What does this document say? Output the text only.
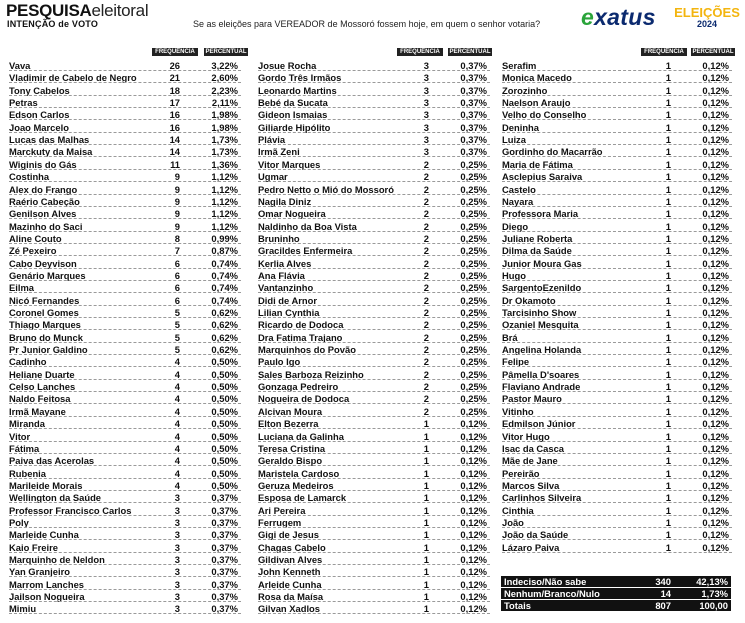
PESQUISAeleitoral
INTENÇÃO de VOTO	Se as eleições para VEREADOR de Mossoró fossem hoje, em quem o senhor votaria? exatus ELEIÇÕES
2024
FREQUÊNCIA	PERCENTUAL
Vava	26	3,22%
Vladimir de Cabelo de Negro	21	2,60%
Tony Cabelos	18	2,23%
Petras	17	2,11%
Edson Carlos	16	1,98%
Joao Marcelo	16	1,98%
Lucas das Malhas	14	1,73%
Marckuty da Maisa	14	1,73%
Wiginis do Gás	11	1,36%
Costinha	9	1,12%
Alex do Frango	9	1,12%
Raério Cabeção	9	1,12%
Genilson Alves	9	1,12%
Mazinho do Saci	9	1,12%
Aline Couto	8	0,99%
Zé Pexeiro	7	0,87%
Cabo Deyvison	6	0,74%
Genário Marques	6	0,74%
Eilma	6	0,74%
Nicó Fernandes	6	0,74%
Coronel Gomes	5	0,62%
Thiago Marques	5	0,62%
Bruno do Munck	5	0,62%
Pr Junior Galdino	5	0,62%
Cadinho	4	0,50%
Heliane Duarte	4	0,50%
Celso Lanches	4	0,50%
Naldo Feitosa	4	0,50%
Irmã Mayane	4	0,50%
Miranda	4	0,50%
Vitor	4	0,50%
Fátima	4	0,50%
Paiva das Acerolas	4	0,50%
Rubenia	4	0,50%
Marileide Morais	4	0,50%
Wellington da Saúde	3	0,37%
Professor Francisco Carlos	3	0,37%
Poly	3	0,37%
Marleide Cunha	3	0,37%
Kaio Freire	3	0,37%
Marquinho de Neldon	3	0,37%
Yan Granjeiro	3	0,37%
Marrom Lanches	3	0,37%
Jailson Nogueira	3	0,37%
Mimiu	3	0,37%
FREQUÊNCIA	PERCENTUAL
Josue Rocha	3	0,37%
Gordo Três Irmãos	3	0,37%
Leonardo Martins	3	0,37%
Bebé da Sucata	3	0,37%
Gideon Ismaias	3	0,37%
Giliarde Hipólito	3	0,37%
Plávia	3	0,37%
Irmã Zeni	3	0,37%
Vitor Marques	2	0,25%
Ugmar	2	0,25%
Pedro Netto o Mió do Mossoró	2	0,25%
Nagila Diniz	2	0,25%
Omar Nogueira	2	0,25%
Naldinho da Boa Vista	2	0,25%
Bruninho	2	0,25%
Gracildes Enfermeira	2	0,25%
Kerlia Alves	2	0,25%
Ana Flávia	2	0,25%
Vantanzinho	2	0,25%
Didi de Arnor	2	0,25%
Lilian Cynthia	2	0,25%
Ricardo de Dodoca	2	0,25%
Dra Fatima Trajano	2	0,25%
Marquinhos do Povão	2	0,25%
Paulo Igo	2	0,25%
Sales Barboza Reizinho	2	0,25%
Gonzaga Pedreiro	2	0,25%
Nogueira de Dodoca	2	0,25%
Alcivan Moura	2	0,25%
Elton Bezerra	1	0,12%
Luciana da Galinha	1	0,12%
Teresa Cristina	1	0,12%
Geraldo Bispo	1	0,12%
Maristela Cardoso	1	0,12%
Geruza Medeiros	1	0,12%
Esposa de Lamarck	1	0,12%
Ari Pereira	1	0,12%
Ferrugem	1	0,12%
Gigi de Jesus	1	0,12%
Chagas Cabelo	1	0,12%
Gildivan Alves	1	0,12%
John Kenneth	1	0,12%
Arleide Cunha	1	0,12%
Rosa da Maísa	1	0,12%
Gilvan Xadlos	1	0,12%
FREQUÊNCIA	PERCENTUAL
Serafim	1	0,12%
Monica Macedo	1	0,12%
Zorozinho	1	0,12%
Naelson Araujo	1	0,12%
Velho do Conselho	1	0,12%
Deninha	1	0,12%
Luiza	1	0,12%
Gordinho do Macarrão	1	0,12%
Maria de Fátima	1	0,12%
Asclepius Saraiva	1	0,12%
Castelo	1	0,12%
Nayara	1	0,12%
Professora Maria	1	0,12%
Diego	1	0,12%
Juliane Roberta	1	0,12%
Dilma da Saúde	1	0,12%
Junior Moura Gas	1	0,12%
Hugo	1	0,12%
SargentoEzenildo	1	0,12%
Dr Okamoto	1	0,12%
Tarcisinho Show	1	0,12%
Ozaniel Mesquita	1	0,12%
Brá	1	0,12%
Angelina Holanda	1	0,12%
Felipe	1	0,12%
Pâmella D'soares	1	0,12%
Flaviano Andrade	1	0,12%
Pastor Mauro	1	0,12%
Vitinho	1	0,12%
Edmilson Júnior	1	0,12%
Vitor Hugo	1	0,12%
Isac da Casca	1	0,12%
Mãe de Jane	1	0,12%
Pereirão	1	0,12%
Marcos Silva	1	0,12%
Carlinhos Silveira	1	0,12%
Cinthia	1	0,12%
João	1	0,12%
João da Saúde	1	0,12%
Lázaro Paiva	1	0,12%
Indeciso/Não sabe	340	42,13%
Nenhum/Branco/Nulo	14	1,73%
Totais	807	100,00
